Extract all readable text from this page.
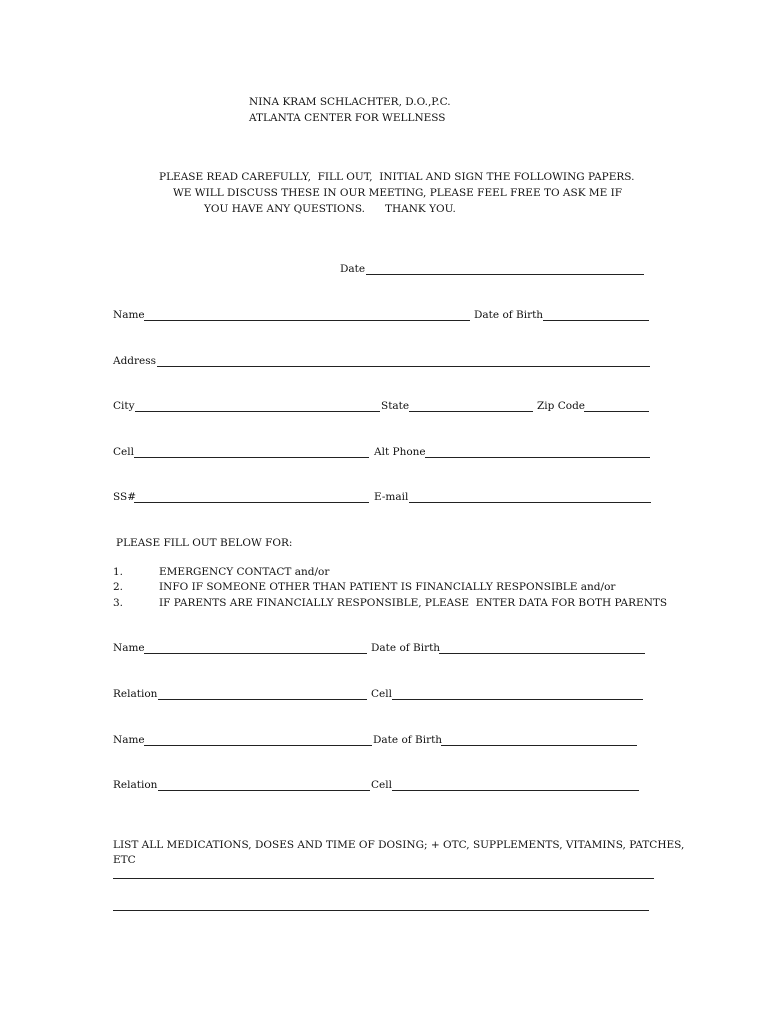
NINA KRAM SCHLACHTER, D.O.,P.C.
ATLANTA CENTER FOR WELLNESS
PLEASE READ CAREFULLY,  FILL OUT,  INITIAL AND SIGN THE FOLLOWING PAPERS.
WE WILL DISCUSS THESE IN OUR MEETING, PLEASE FEEL FREE TO ASK ME IF
YOU HAVE ANY QUESTIONS. THANK YOU.
Date
Name	Date of Birth
Address
City	State	Zip Code
Cell	Alt Phone
SS#	E-mail
PLEASE FILL OUT BELOW FOR:
1.	EMERGENCY CONTACT and/or
2.	INFO IF SOMEONE OTHER THAN PATIENT IS FINANCIALLY RESPONSIBLE and/or
3.	IF PARENTS ARE FINANCIALLY RESPONSIBLE, PLEASE  ENTER DATA FOR BOTH PARENTS
Name	Date of Birth
Relation	Cell
Name	Date of Birth
Relation	Cell
LIST ALL MEDICATIONS, DOSES AND TIME OF DOSING; + OTC, SUPPLEMENTS, VITAMINS, PATCHES,
ETC
